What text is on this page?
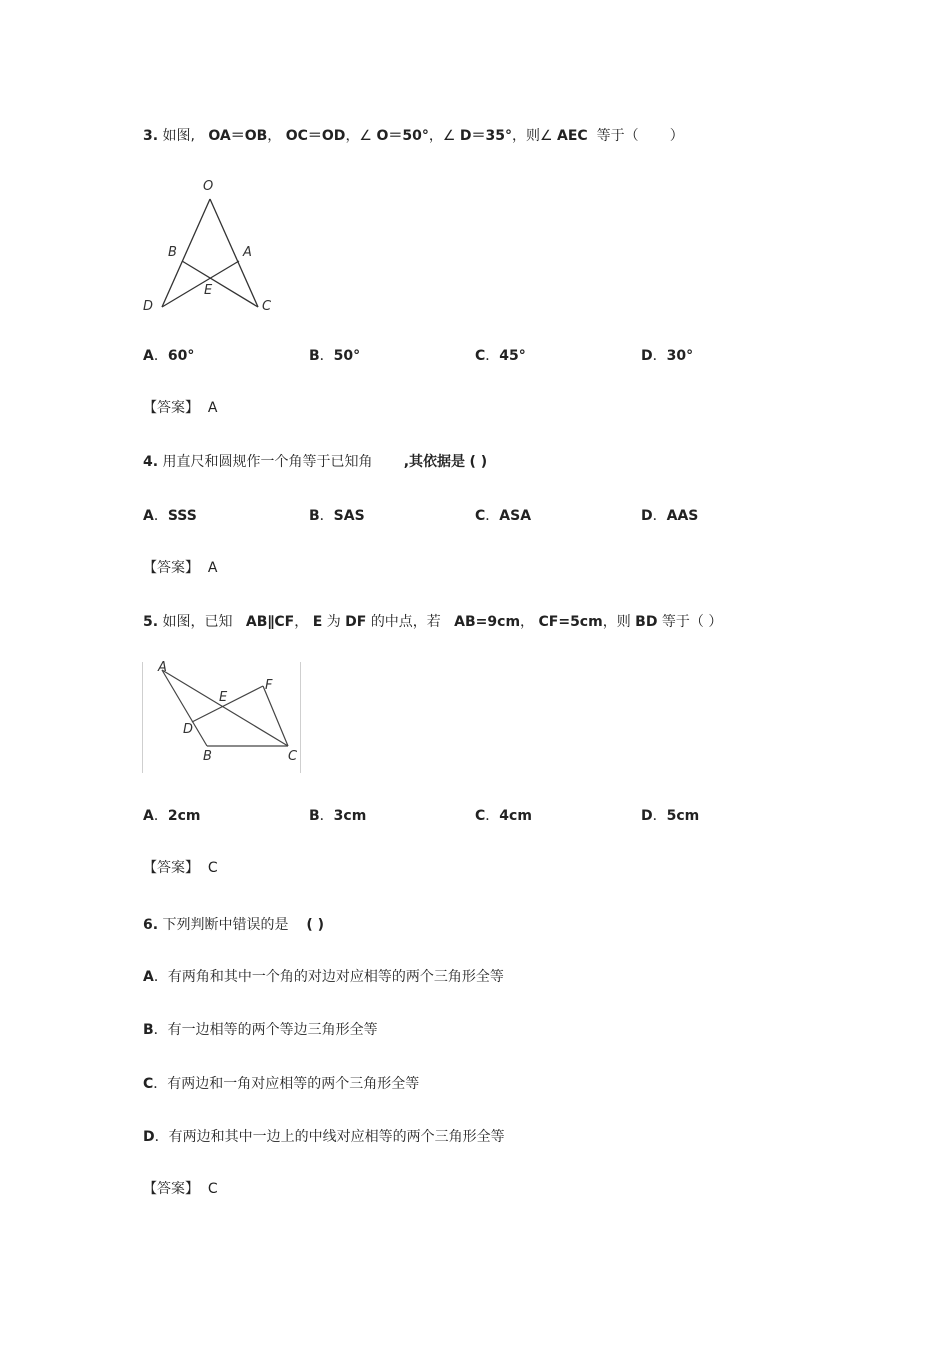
3. 如图, OA＝OB， OC＝OD，∠ O＝50°，∠ D＝35°，则∠ AEC 等于（ ）
O
B	A
E
D	C
A．60°	B．50°	C．45°	D．30°
【答案】 A
4. 用直尺和圆规作一个角等于已知角 ,其依据是 ( )
A．SSS	B．SAS	C．ASA	D．AAS
【答案】 A
5. 如图，已知 AB∥CF， E 为 DF 的中点，若 AB=9cm， CF=5cm，则 BD 等于（ ）
A
E
F
D
B	C
A．2cm	B．3cm	C．4cm	D．5cm
【答案】 C
6. 下列判断中错误的是 ( )
A．有两角和其中一个角的对边对应相等的两个三角形全等
B．有一边相等的两个等边三角形全等
C．有两边和一角对应相等的两个三角形全等
D．有两边和其中一边上的中线对应相等的两个三角形全等
【答案】 C
